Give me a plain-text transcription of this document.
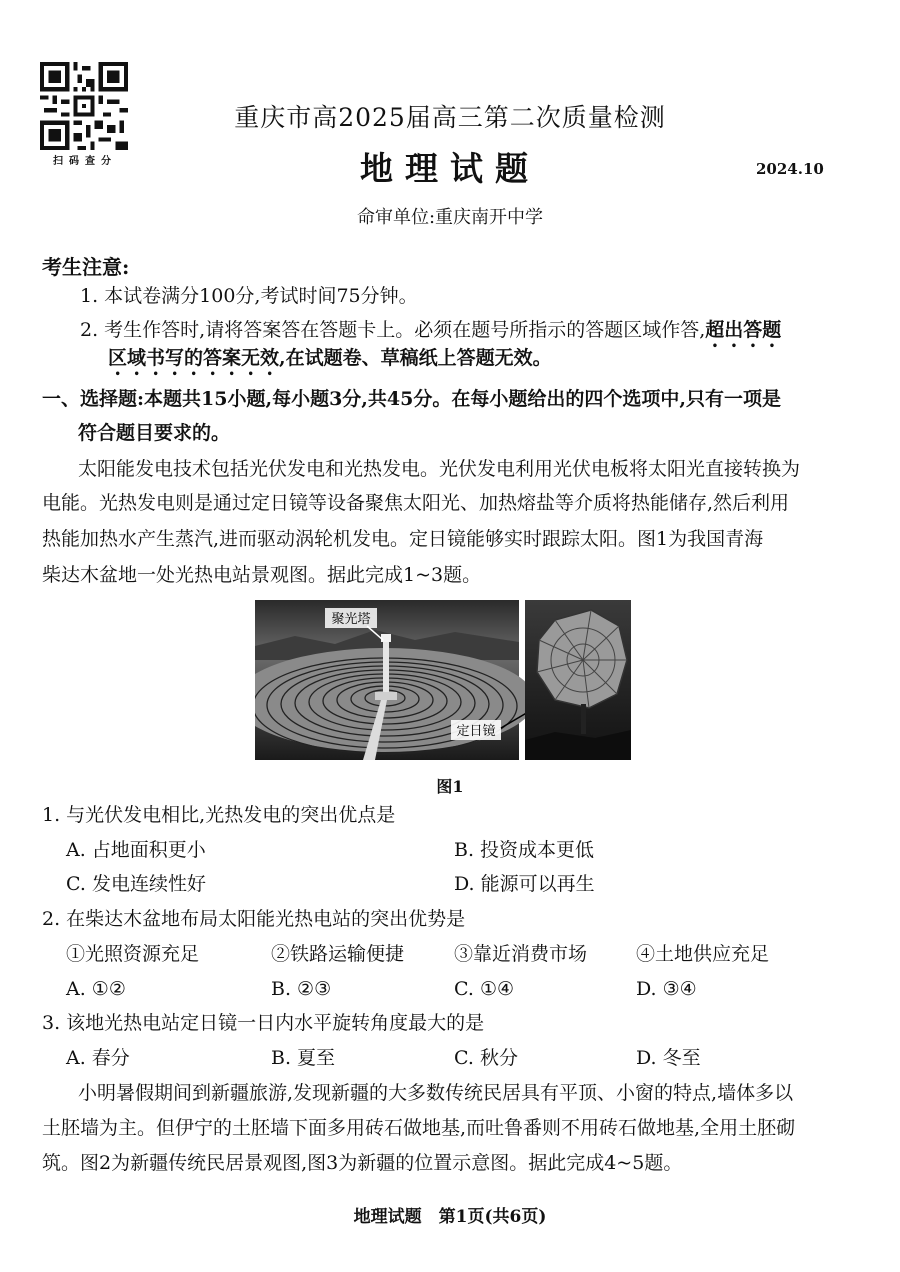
扫码查分
重庆市高2025届高三第二次质量检测
地理试题	2024.10
命审单位:重庆南开中学
考生注意:
1. 本试卷满分100分,考试时间75分钟。
2. 考生作答时,请将答案答在答题卡上。必须在题号所指示的答题区域作答,超出答题
区域书写的答案无效,在试题卷、草稿纸上答题无效。
一、选择题:本题共15小题,每小题3分,共45分。在每小题给出的四个选项中,只有一项是
符合题目要求的。
太阳能发电技术包括光伏发电和光热发电。光伏发电利用光伏电板将太阳光直接转换为
电能。光热发电则是通过定日镜等设备聚焦太阳光、加热熔盐等介质将热能储存,然后利用
热能加热水产生蒸汽,进而驱动涡轮机发电。定日镜能够实时跟踪太阳。图1为我国青海
柴达木盆地一处光热电站景观图。据此完成1~3题。
聚光塔
定日镜
图1
1. 与光伏发电相比,光热发电的突出优点是
A. 占地面积更小	B. 投资成本更低
C. 发电连续性好	D. 能源可以再生
2. 在柴达木盆地布局太阳能光热电站的突出优势是
①光照资源充足	②铁路运输便捷	③靠近消费市场	④土地供应充足
A. ①②	B. ②③	C. ①④	D. ③④
3. 该地光热电站定日镜一日内水平旋转角度最大的是
A. 春分	B. 夏至	C. 秋分	D. 冬至
小明暑假期间到新疆旅游,发现新疆的大多数传统民居具有平顶、小窗的特点,墙体多以
土胚墙为主。但伊宁的土胚墙下面多用砖石做地基,而吐鲁番则不用砖石做地基,全用土胚砌
筑。图2为新疆传统民居景观图,图3为新疆的位置示意图。据此完成4~5题。
地理试题　第1页(共6页)
